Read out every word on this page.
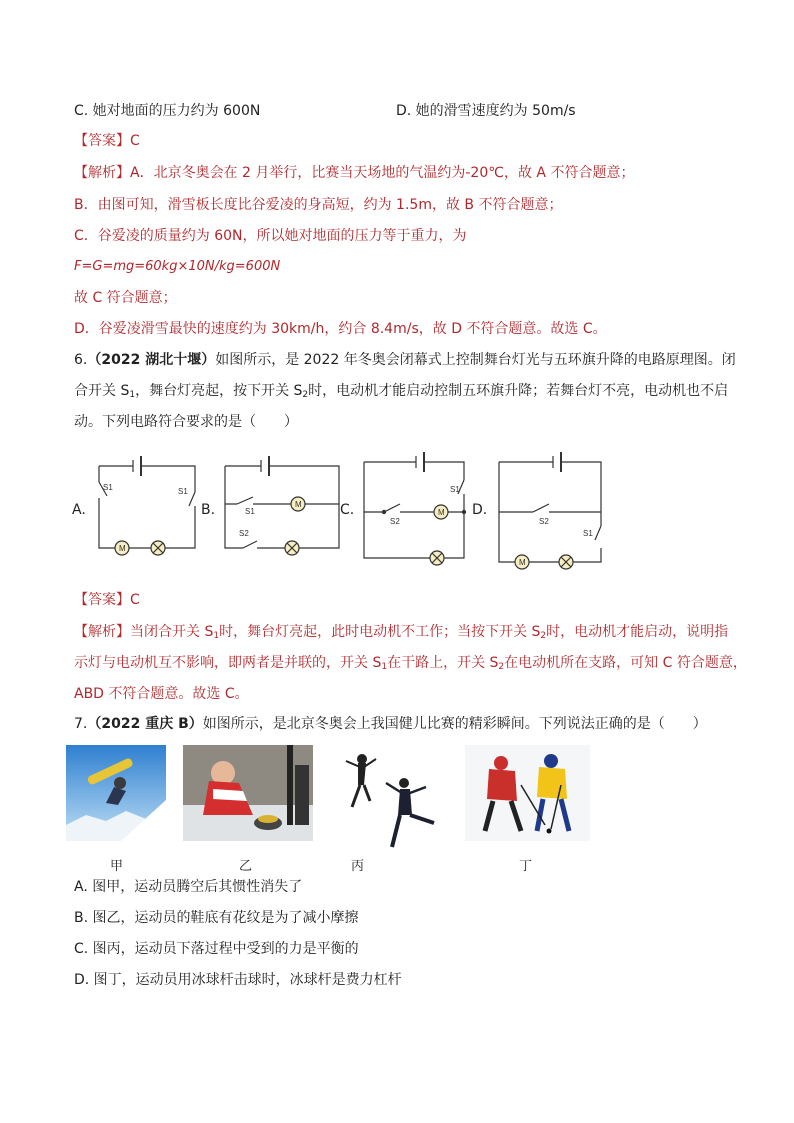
C. 她对地面的压力约为 600N	D. 她的滑雪速度约为 50m/s
【答案】C
【解析】A．北京冬奥会在 2 月举行，比赛当天场地的气温约为-20℃，故 A 不符合题意；
B．由图可知，滑雪板长度比谷爱凌的身高短，约为 1.5m，故 B 不符合题意；
C．谷爱凌的质量约为 60N，所以她对地面的压力等于重力，为
F=G=mg=60kg×10N/kg=600N
故 C 符合题意；
D．谷爱凌滑雪最快的速度约为 30km/h，约合 8.4m/s，故 D 不符合题意。故选 C。
6.（2022 湖北十堰）如图所示，是 2022 年冬奥会闭幕式上控制舞台灯光与五环旗升降的电路原理图。闭
合开关 $S_1$，舞台灯亮起，按下开关 $S_2$时，电动机才能启动控制五环旗升降；若舞台灯不亮，电动机也不启
动。下列电路符合要求的是（　　）
A.
M
S1	S1
B.	M
S1
S2
C.	M
S1
S2
D.
M
S2
S1
【答案】C
【解析】当闭合开关 $S_1$时，舞台灯亮起，此时电动机不工作；当按下开关 $S_2$时，电动机才能启动，说明指
示灯与电动机互不影响，即两者是并联的，开关 $S_1$在干路上，开关 $S_2$在电动机所在支路，可知 C 符合题意，
ABD 不符合题意。故选 C。
7.（2022 重庆 B）如图所示，是北京冬奥会上我国健儿比赛的精彩瞬间。下列说法正确的是（　　）
甲	乙	丙	丁
A. 图甲，运动员腾空后其惯性消失了
B. 图乙，运动员的鞋底有花纹是为了减小摩擦
C. 图丙，运动员下落过程中受到的力是平衡的
D. 图丁，运动员用冰球杆击球时，冰球杆是费力杠杆
